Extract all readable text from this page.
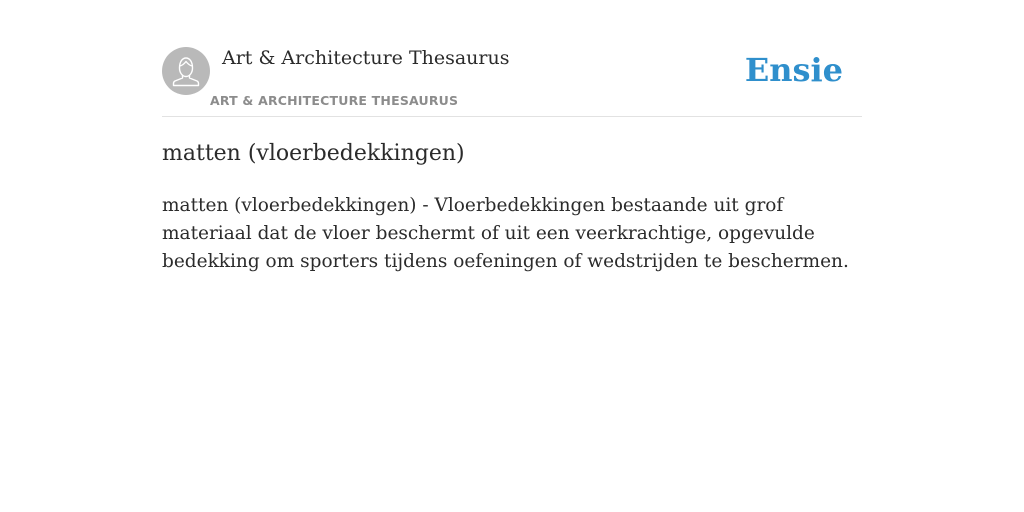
Art & Architecture Thesaurus
ART & ARCHITECTURE THESAURUS
Ensie
matten (vloerbedekkingen)

matten (vloerbedekkingen) - Vloerbedekkingen bestaande uit grof materiaal dat de vloer beschermt of uit een veerkrachtige, opgevulde bedekking om sporters tijdens oefeningen of wedstrijden te beschermen.
